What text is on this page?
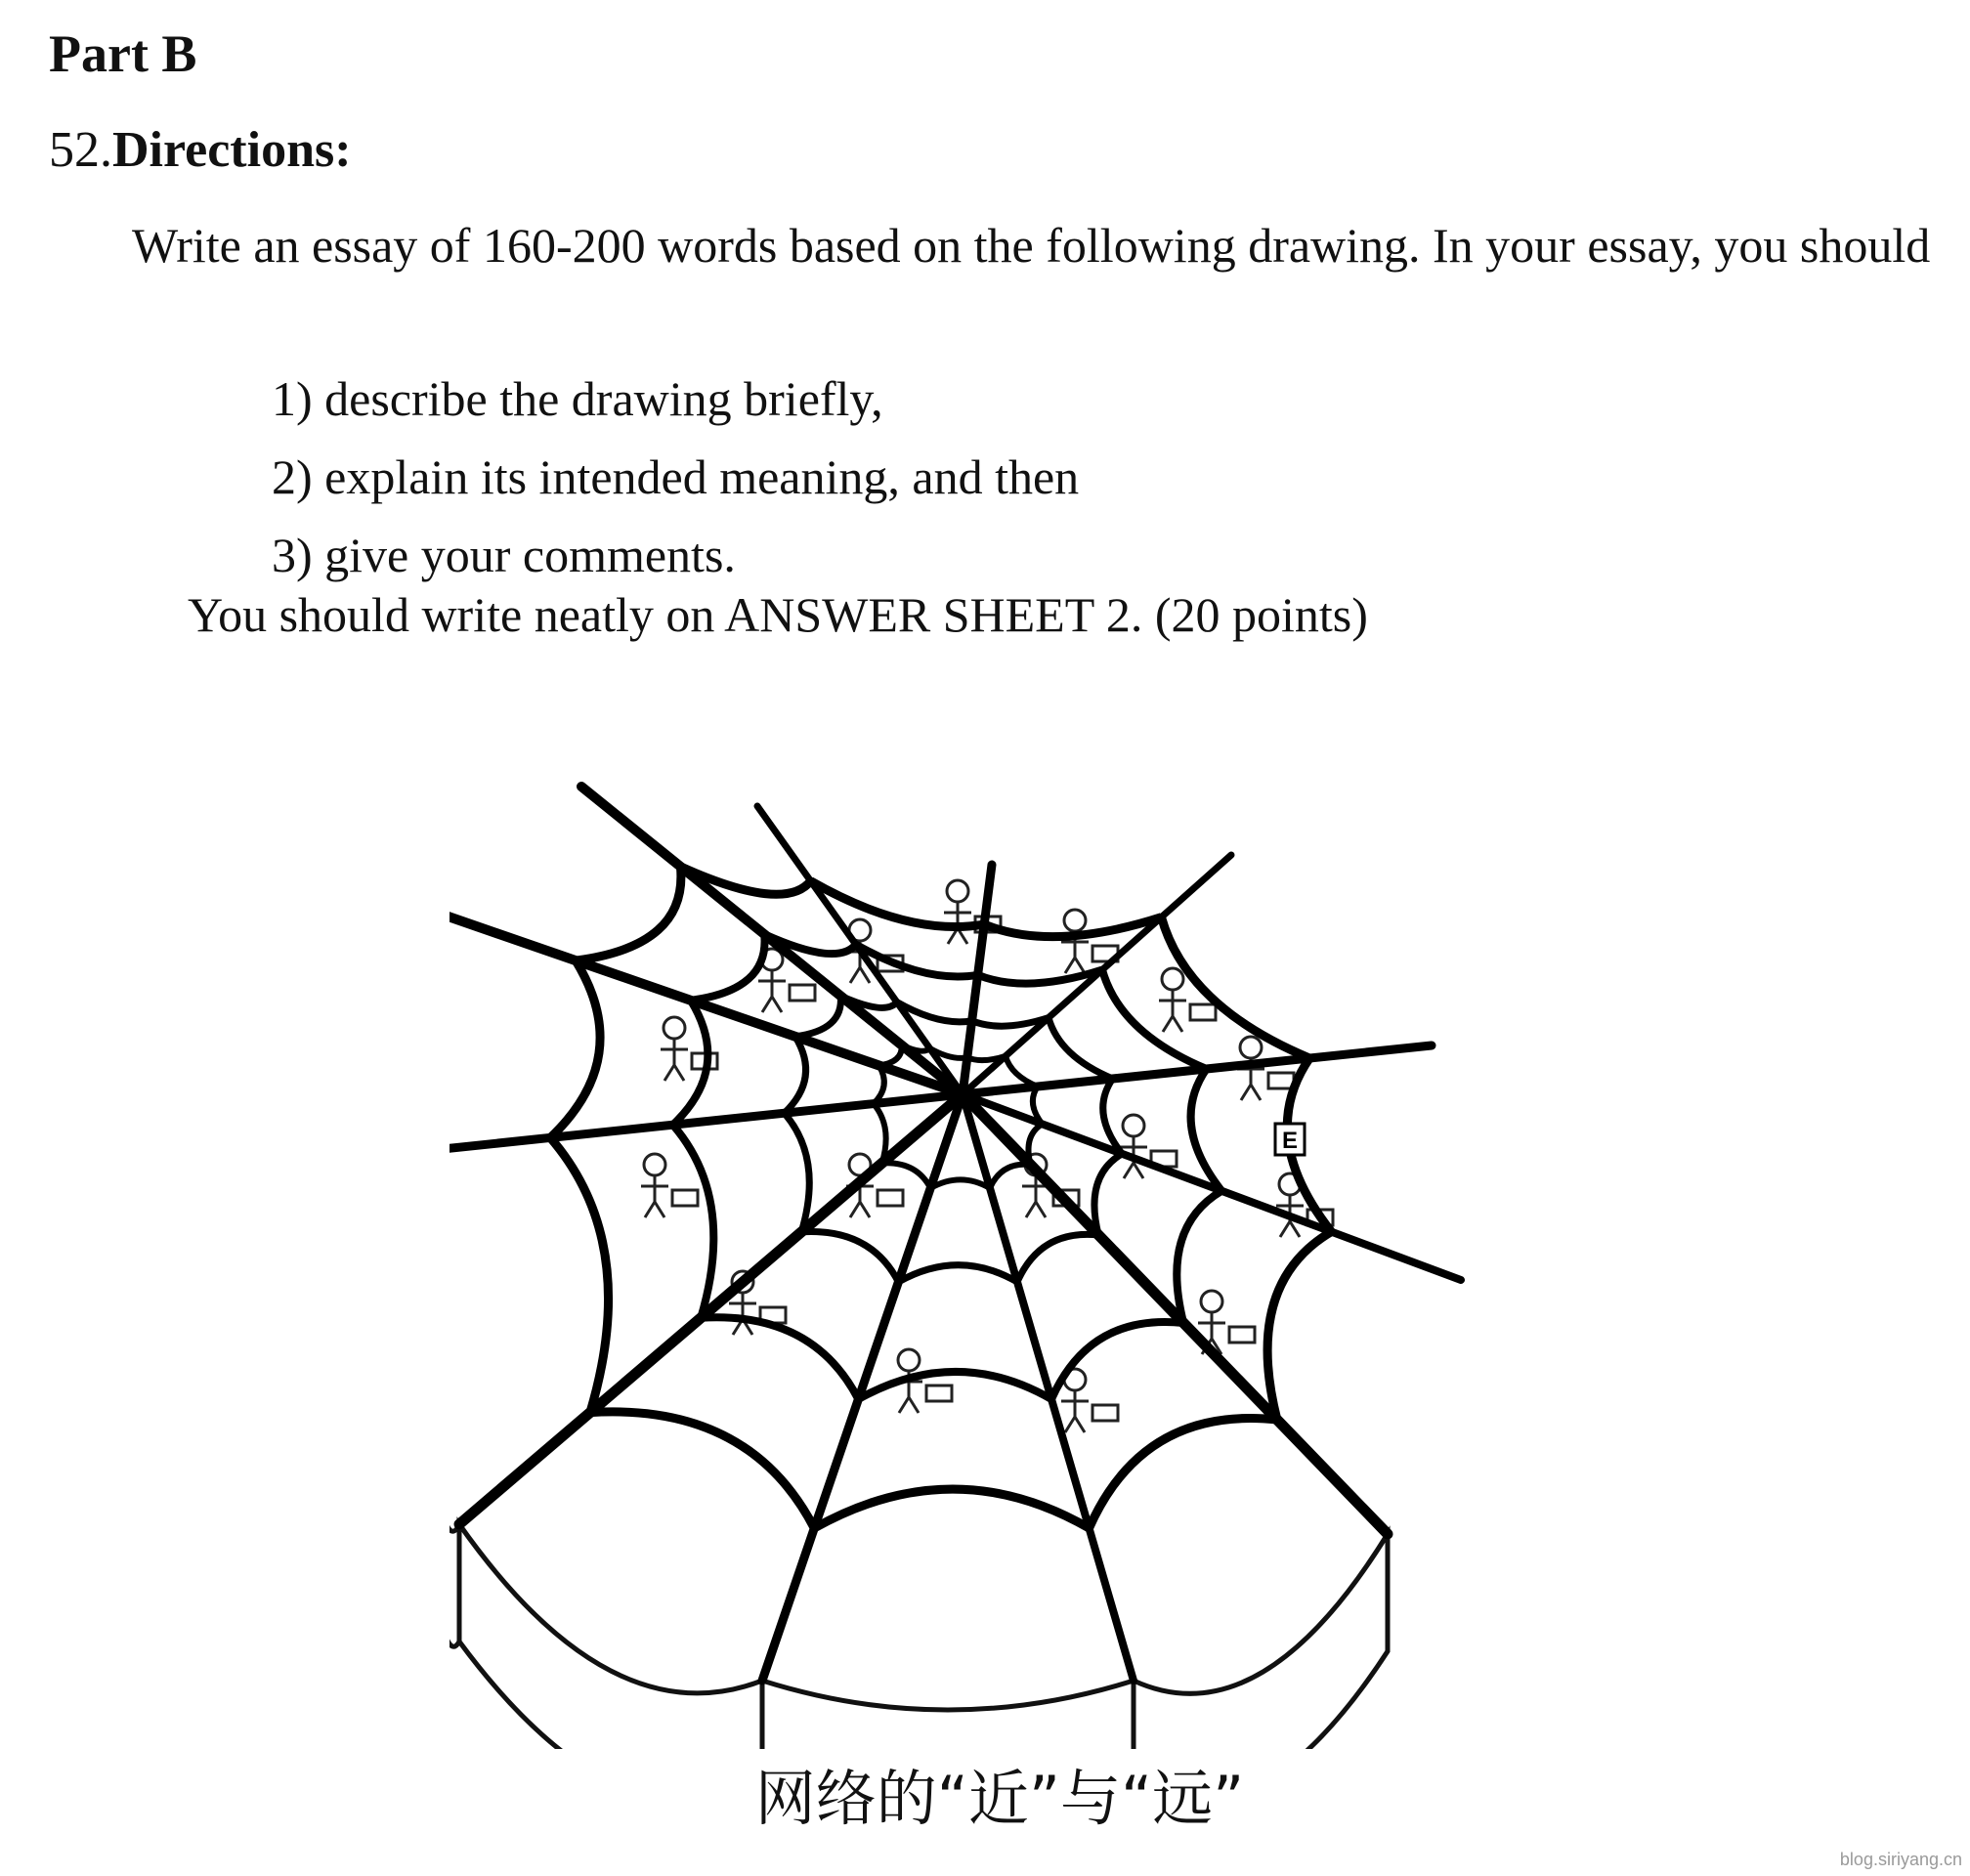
Part B

52.Directions:

Write an essay of 160-200 words based on the following drawing. In your essay, you should

1) describe the drawing briefly,
2) explain its intended meaning, and then
3) give your comments.

You should write neatly on ANSWER SHEET 2. (20 points)

E

网络的“近”与“远”

blog.siriyang.cn
